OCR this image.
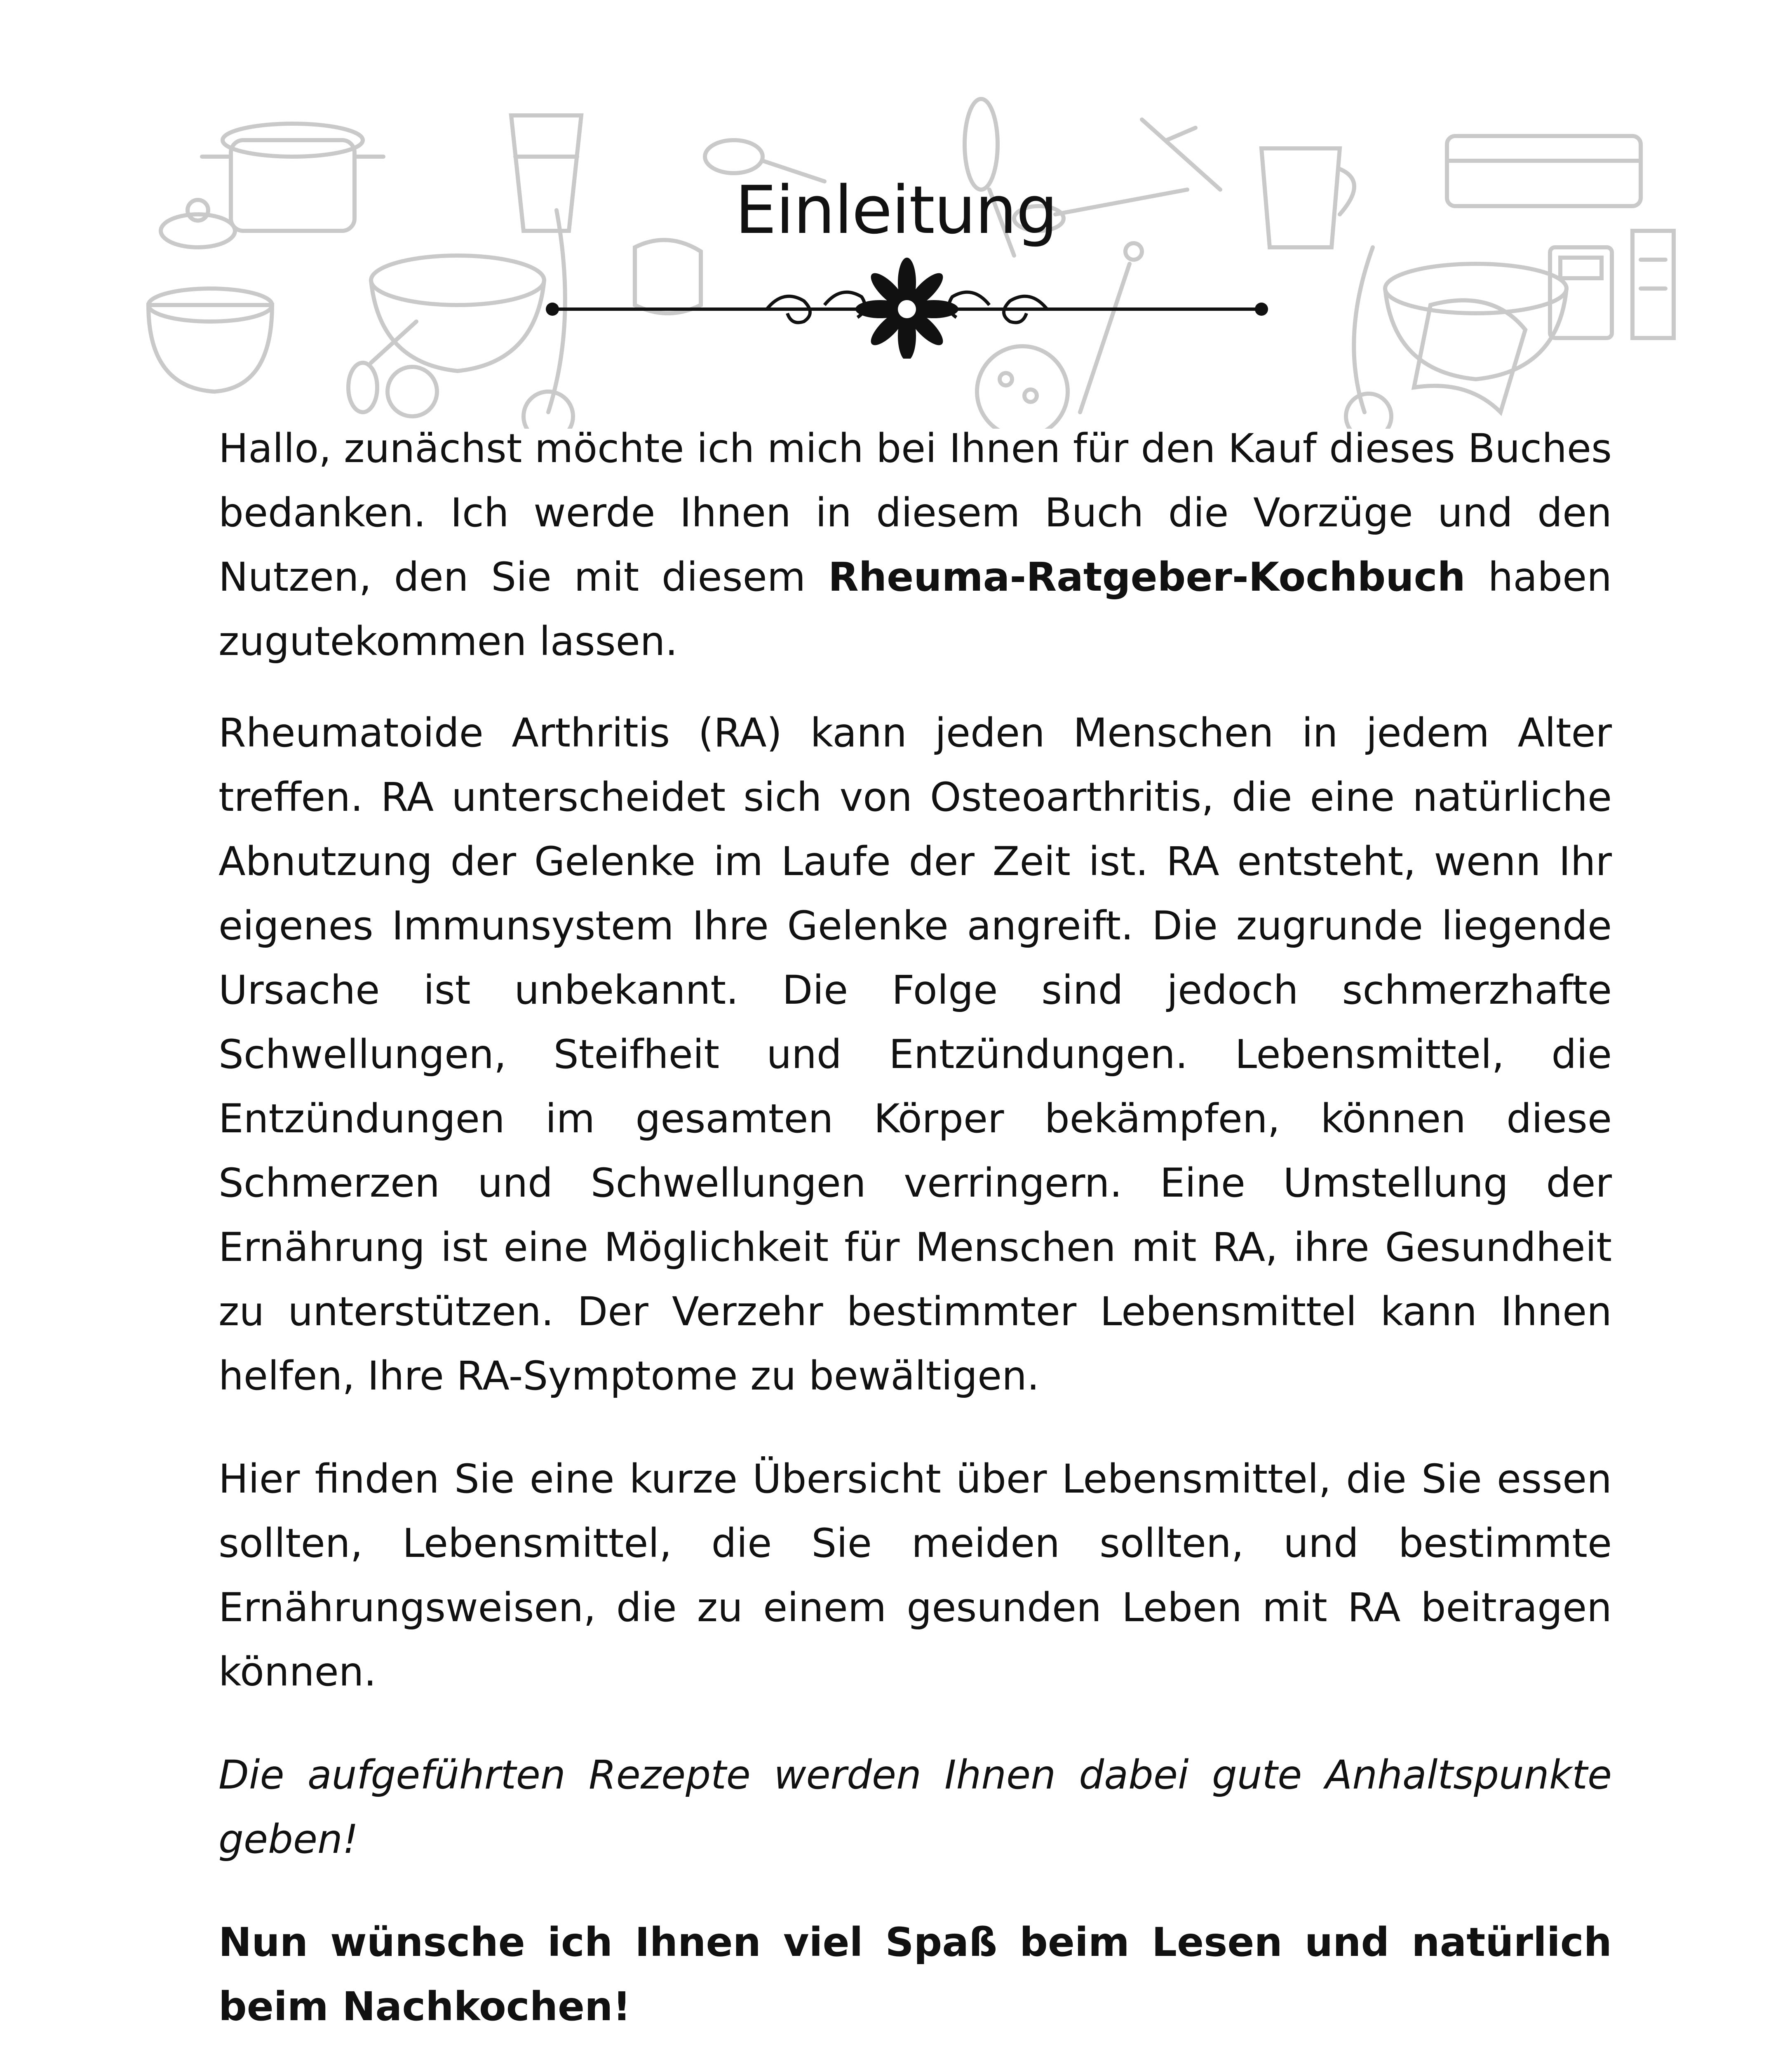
Einleitung

Hallo, zunächst möchte ich mich bei Ihnen für den Kauf dieses Buches bedanken. Ich werde Ihnen in diesem Buch die Vorzüge und den Nutzen, den Sie mit diesem Rheuma-Ratgeber-Kochbuch haben zugutekommen lassen.

Rheumatoide Arthritis (RA) kann jeden Menschen in jedem Alter treffen. RA unterscheidet sich von Osteoarthritis, die eine natürliche Abnutzung der Gelenke im Laufe der Zeit ist. RA entsteht, wenn Ihr eigenes Immunsystem Ihre Gelenke angreift. Die zugrunde liegende Ursache ist unbekannt. Die Folge sind jedoch schmerzhafte Schwellungen, Steifheit und Entzündungen. Lebensmittel, die Entzündungen im gesamten Körper bekämpfen, können diese Schmerzen und Schwellungen verringern. Eine Umstellung der Ernährung ist eine Möglichkeit für Menschen mit RA, ihre Gesundheit zu unterstützen. Der Verzehr bestimmter Lebensmittel kann Ihnen helfen, Ihre RA-Symptome zu bewältigen.

Hier finden Sie eine kurze Übersicht über Lebensmittel, die Sie essen sollten, Lebensmittel, die Sie meiden sollten, und bestimmte Ernährungsweisen, die zu einem gesunden Leben mit RA beitragen können.

Die aufgeführten Rezepte werden Ihnen dabei gute Anhaltspunkte geben!

Nun wünsche ich Ihnen viel Spaß beim Lesen und natürlich beim Nachkochen!
